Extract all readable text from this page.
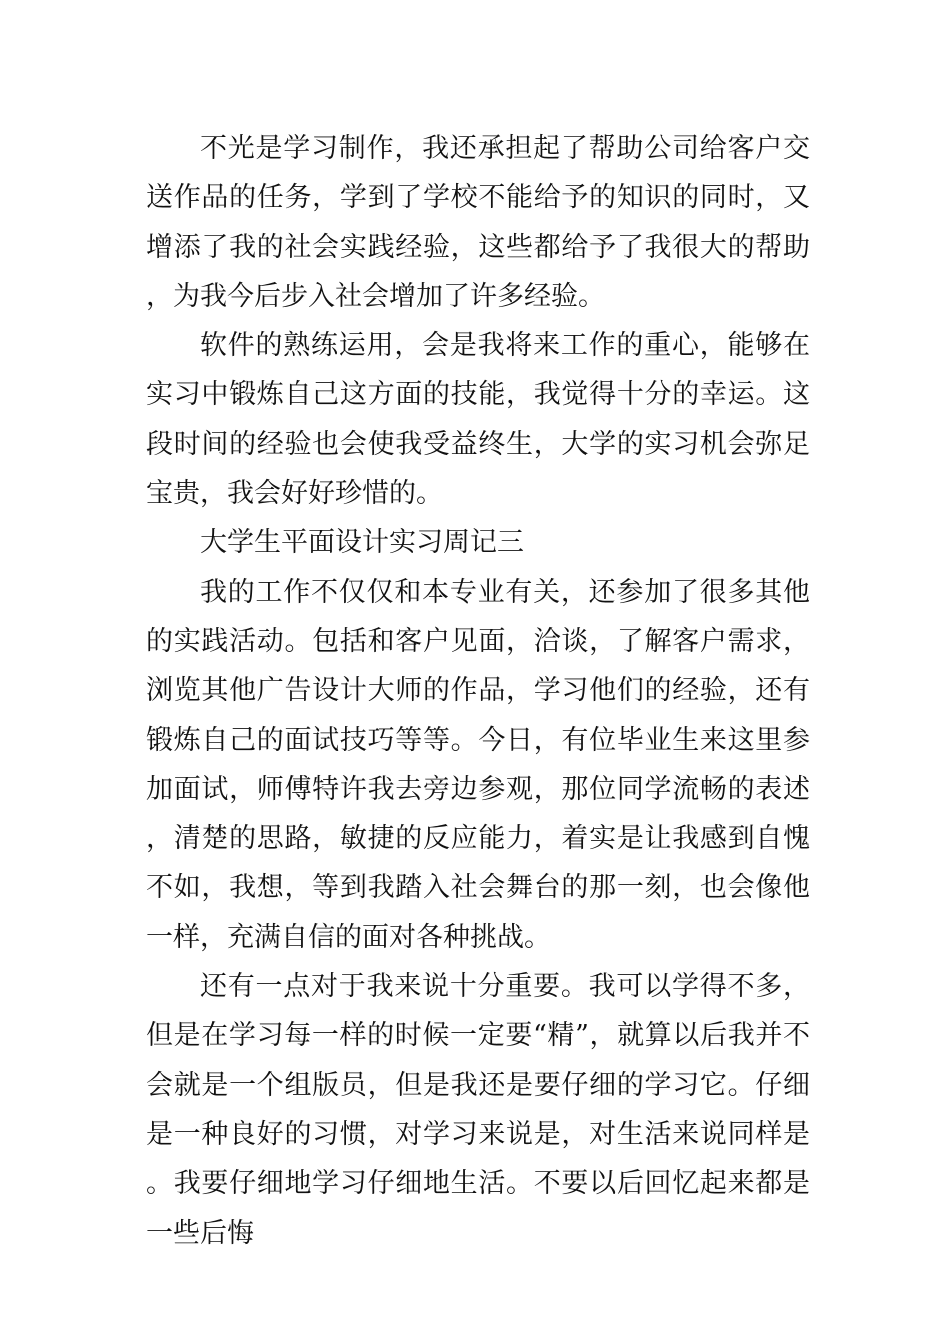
不光是学习制作，我还承担起了帮助公司给客户交送作品的任务，学到了学校不能给予的知识的同时，又增添了我的社会实践经验，这些都给予了我很大的帮助，为我今后步入社会增加了许多经验。

软件的熟练运用，会是我将来工作的重心，能够在实习中锻炼自己这方面的技能，我觉得十分的幸运。这段时间的经验也会使我受益终生，大学的实习机会弥足宝贵，我会好好珍惜的。

大学生平面设计实习周记三

我的工作不仅仅和本专业有关，还参加了很多其他的实践活动。包括和客户见面，洽谈，了解客户需求，浏览其他广告设计大师的作品，学习他们的经验，还有锻炼自己的面试技巧等等。今日，有位毕业生来这里参加面试，师傅特许我去旁边参观，那位同学流畅的表述，清楚的思路，敏捷的反应能力，着实是让我感到自愧不如，我想，等到我踏入社会舞台的那一刻，也会像他一样，充满自信的面对各种挑战。

还有一点对于我来说十分重要。我可以学得不多，但是在学习每一样的时候一定要“精”，就算以后我并不会就是一个组版员，但是我还是要仔细的学习它。仔细是一种良好的习惯，对学习来说是，对生活来说同样是。我要仔细地学习仔细地生活。不要以后回忆起来都是一些后悔
